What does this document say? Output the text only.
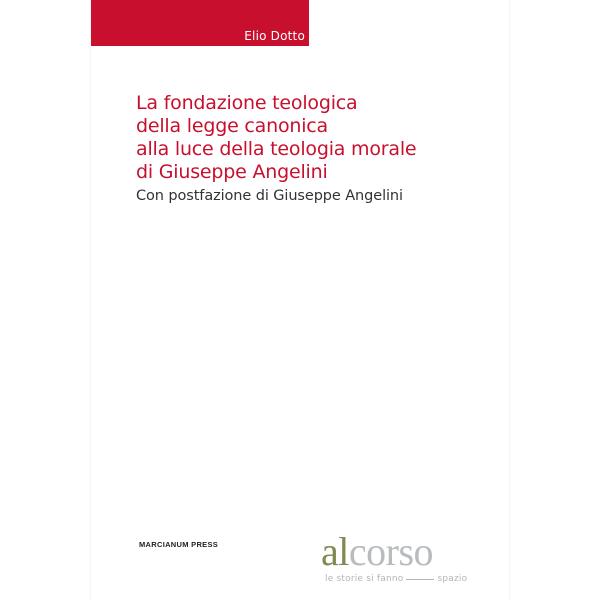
Elio Dotto
La fondazione teologica
della legge canonica
alla luce della teologia morale
di Giuseppe Angelini
Con postfazione di Giuseppe Angelini
MARCIANUM PRESS	alcorso
le storie si fanno	spazio
